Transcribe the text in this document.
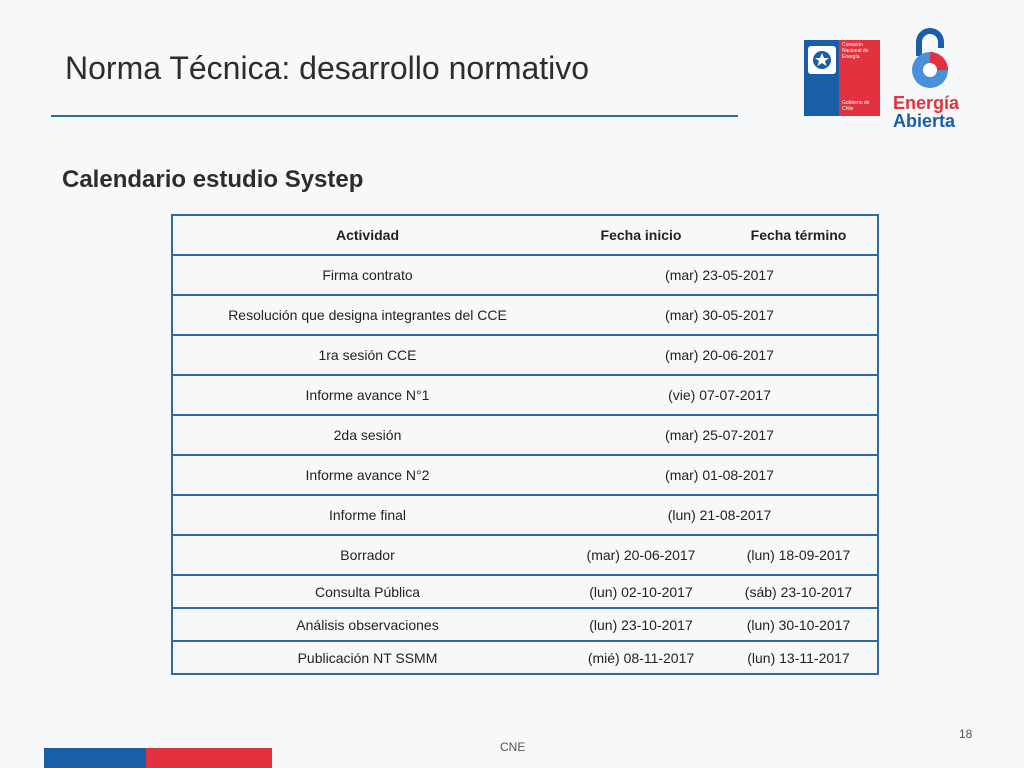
Norma Técnica: desarrollo normativo
Comisión
Nacional de
Energía
Gobierno de Chile	Energía
Abierta
Calendario estudio Systep
Actividad	Fecha inicio	Fecha término
Firma contrato	(mar) 23-05-2017	
Resolución que designa integrantes del CCE	(mar) 30-05-2017	
1ra sesión CCE	(mar) 20-06-2017	
Informe avance N°1	(vie) 07-07-2017	
2da sesión	(mar) 25-07-2017	
Informe avance N°2	(mar) 01-08-2017	
Informe final	(lun) 21-08-2017	
Borrador	(mar) 20-06-2017	(lun) 18-09-2017
Consulta Pública	(lun) 02-10-2017	(sáb) 23-10-2017
Análisis observaciones	(lun) 23-10-2017	(lun) 30-10-2017
Publicación NT SSMM	(mié) 08-11-2017	(lun) 13-11-2017
18
CNE
